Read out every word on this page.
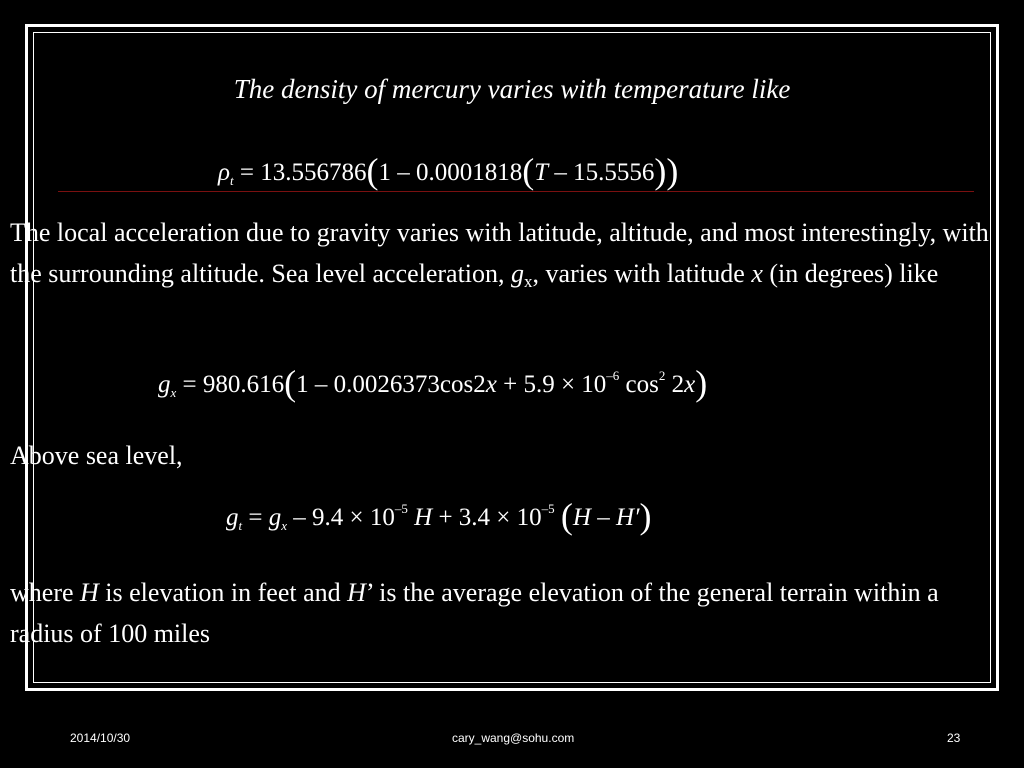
The density of mercury varies with temperature like
$\rho_t = 13.556786(1 - 0.0001818(T - 15.5556))$

The local acceleration due to gravity varies with latitude, altitude, and most interestingly, with the surrounding altitude. Sea level acceleration, $g_x$, varies with latitude x (in degrees) like

$g_x = 980.616(1 - 0.0026373\cos 2x + 5.9 \times 10^{-6}$ $\cos^2 2x$)

Above sea level,

$g_t = g_x - 9.4 \times 10^{-5}$ $H + 3.4 \times 10^{-5}$ (H – H′)

where H is elevation in feet and H’ is the average elevation of the general terrain within a radius of 100 miles

2014/10/30	cary_wang@sohu.com	23
